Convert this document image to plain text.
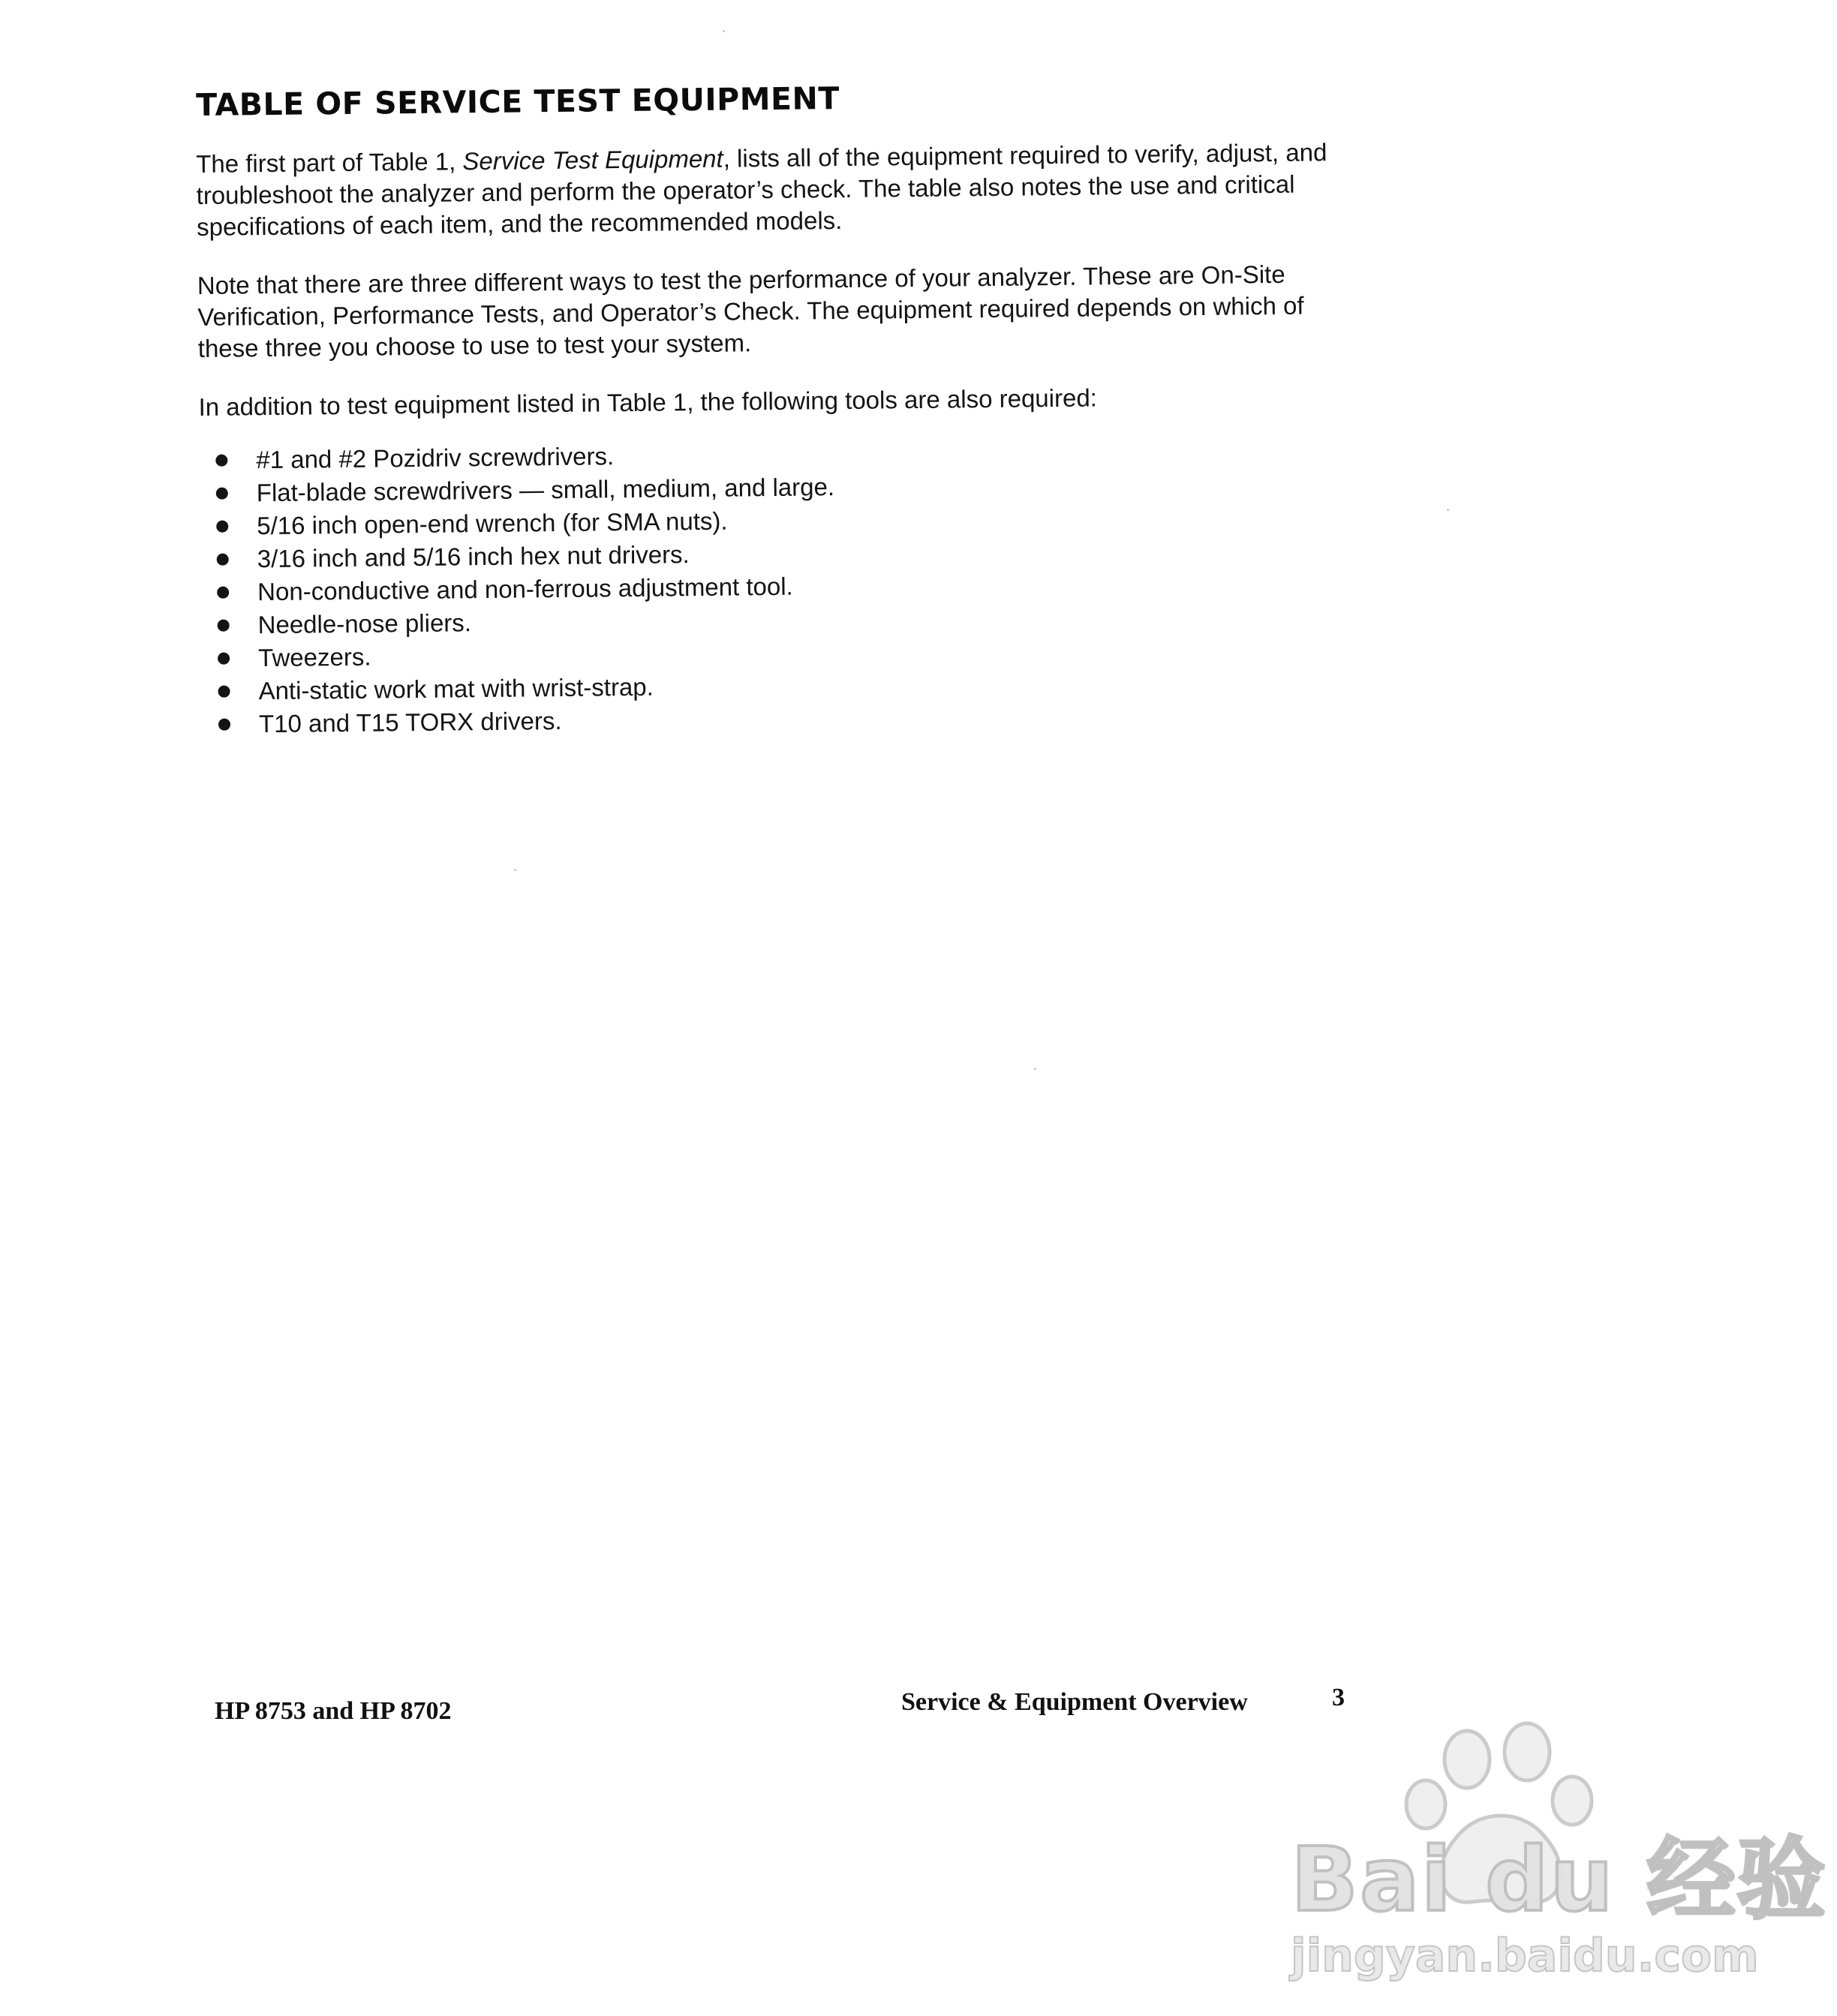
TABLE OF SERVICE TEST EQUIPMENT

The first part of Table 1, Service Test Equipment, lists all of the equipment required to verify, adjust, and troubleshoot the analyzer and perform the operator’s check. The table also notes the use and critical specifications of each item, and the recommended models.

Note that there are three different ways to test the performance of your analyzer. These are On-Site Verification, Performance Tests, and Operator’s Check. The equipment required depends on which of these three you choose to use to test your system.

In addition to test equipment listed in Table 1, the following tools are also required:

#1 and #2 Pozidriv screwdrivers.
Flat-blade screwdrivers — small, medium, and large.
5/16 inch open-end wrench (for SMA nuts).
3/16 inch and 5/16 inch hex nut drivers.
Non-conductive and non-ferrous adjustment tool.
Needle-nose pliers.
Tweezers.
Anti-static work mat with wrist-strap.
T10 and T15 TORX drivers.
HP 8753 and HP 8702	Service & Equipment Overview	3
Bai du 经验
jingyan.baidu.com
